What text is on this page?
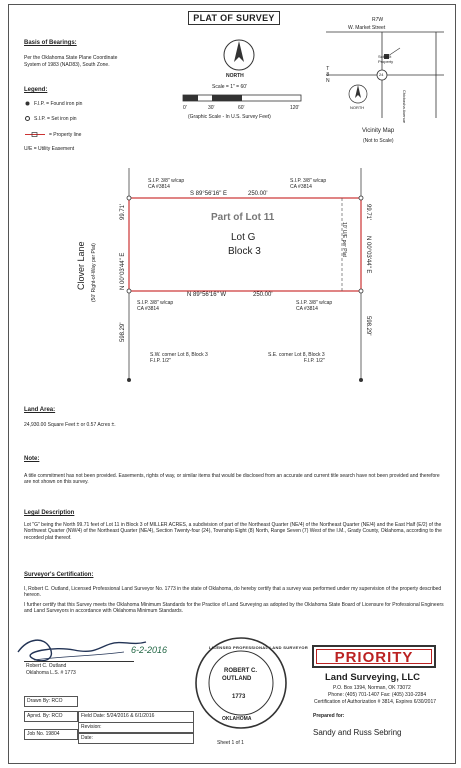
PLAT OF SURVEY
Basis of Bearings:
Per the Oklahoma State Plane Coordinate
System of 1983 (NAD83), South Zone.
NORTH
Legend:
F.I.P. = Found iron pin
S.I.P. = Set iron pin
= Property line
U/E = Utility Easement
Scale = 1" = 60'
0'	30'	60'	120'
(Graphic Scale - In U.S. Survey Feet)
R7W
W. Market Street
Subject
Property
T
8
N
24
Chickasha Avenue
NORTH
Vicinity Map
(Not to Scale)
Clover Lane (50' Right-of-Way per Plat)
S.I.P. 3/8" w/cap
CA #3814
S.I.P. 3/8" w/cap
CA #3814
S 89°56'16" E	250.00'
N 00°03'44" E
99.71'
N 00°03'44" E
99.71'
10' U/E per Plat
Part of Lot 11
Lot G
Block 3
N 89°56'16" W	250.00'
S.I.P. 3/8" w/cap
CA #3814
S.I.P. 3/8" w/cap
CA #3814
598.29'	598.29'
S.W. corner Lot 8, Block 3
F.I.P. 1/2"
S.E. corner Lot 8, Block 3
F.I.P. 1/2"
Land Area:
24,930.00 Square Feet ± or 0.57 Acres ±.
Note:
A title commitment has not been provided. Easements, rights of way, or similar items that would be disclosed from an accurate and current title search have not been provided and therefore are not shown on this survey.
Legal Description
Lot "G" being the North 99.71 feet of Lot 11 in Block 3 of MILLER ACRES, a subdivision of part of the Northeast Quarter (NE/4) of the Northeast Quarter (NE/4) and the East Half (E/2) of the Northwest Quarter (NW/4) of the Northeast Quarter (NE/4), Section Twenty-four (24), Township Eight (8) North, Range Seven (7) West of the I.M., Grady County, Oklahoma, according to the recorded plat thereof.
Surveyor's Certification:
I, Robert C. Outland, Licensed Professional Land Surveyor No. 1773 in the state of Oklahoma, do hereby certify that a survey was performed under my supervision of the property described hereon.
I further certify that this Survey meets the Oklahoma Minimum Standards for the Practice of Land Surveying as adopted by the Oklahoma State Board of Licensure for Professional Engineers and Land Surveyors in accordance with Oklahoma Minimum Standards.
6-2-2016
Robert C. Outland
Oklahoma L.S. # 1773
LICENSED PROFESSIONAL LAND SURVEYOR
ROBERT C.
OUTLAND
1773
OKLAHOMA
PRIORITY
Land Surveying, LLC
P.O. Box 1394, Norman, OK 73072
Phone: (405) 701-1407 Fax: (405) 310-2284
Certification of Authorization # 3814, Expires 6/30/2017
Drawn By: RCO
Aprvd. By: RCO
Job No. 19804
Field Date: 5/24/2016 & 6/1/2016
Revision:
Date:
Sheet 1 of 1
Prepared for:
Sandy and Russ Sebring
